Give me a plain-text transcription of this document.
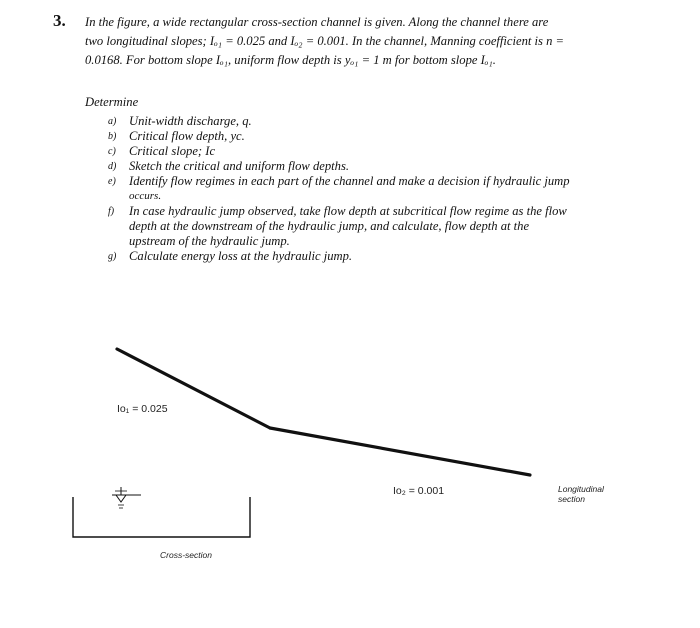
3. In the figure, a wide rectangular cross-section channel is given. Along the channel there are
two longitudinal slopes; Iₒ₁ = 0.025 and Iₒ₂ = 0.001. In the channel, Manning coefficient is n =
0.0168. For bottom slope Iₒ₁, uniform flow depth is yₒ₁ = 1 m for bottom slope Iₒ₁.
Determine
a) Unit-width discharge, q.
b) Critical flow depth, yc.
c) Critical slope; Ic
d) Sketch the critical and uniform flow depths.
e) Identify flow regimes in each part of the channel and make a decision if hydraulic jump
occurs.
f) In case hydraulic jump observed, take flow depth at subcritical flow regime as the flow
depth at the downstream of the hydraulic jump, and calculate, flow depth at the
upstream of the hydraulic jump.
g) Calculate energy loss at the hydraulic jump.
Io₁ = 0.025
Io₂ = 0.001	Longitudinal
section
Cross-section
